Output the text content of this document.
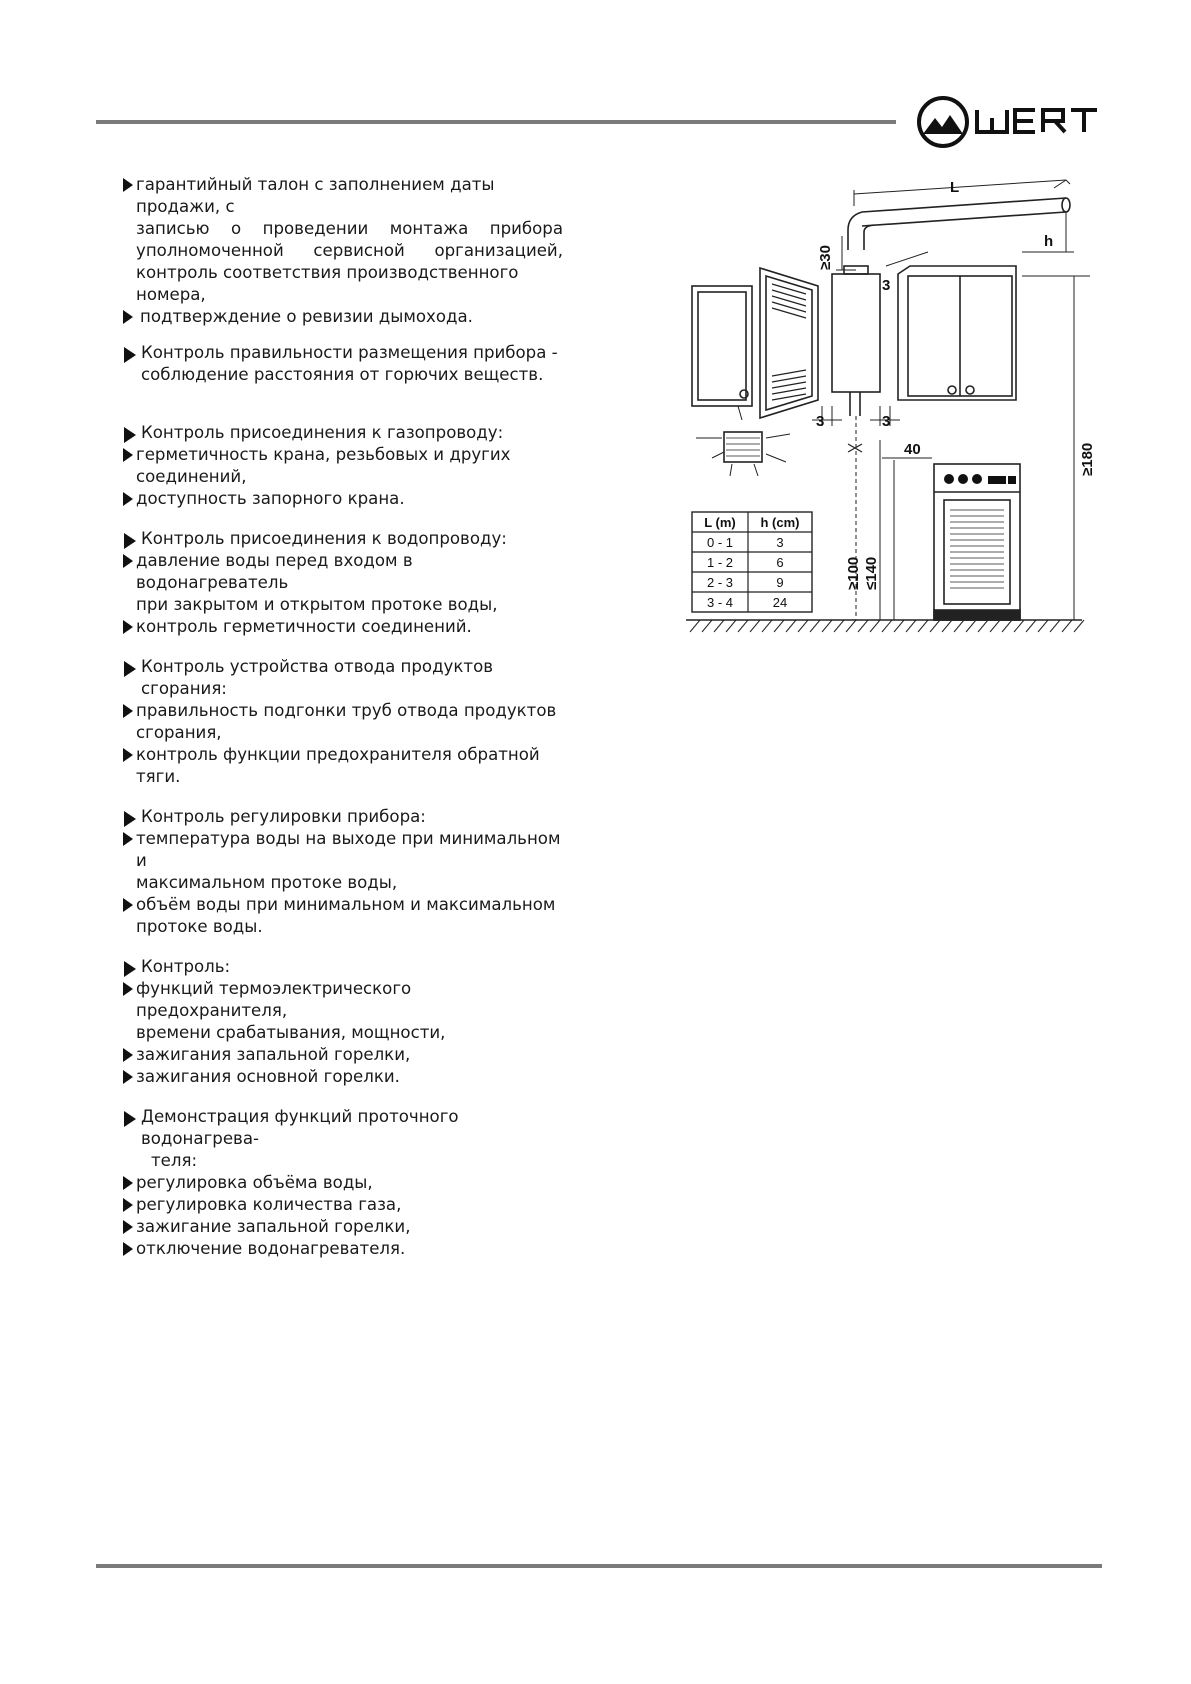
гарантийный талон с заполнением даты продажи, с
записью о проведении монтажа прибора
уполномоченной сервисной организацией,
контроль соответствия производственного номера,
подтверждение о ревизии дымохода.
Контроль правильности размещения прибора -
соблюдение расстояния от горючих веществ.
Контроль присоединения к газопроводу:
герметичность крана, резьбовых и других
соединений,
доступность запорного крана.
Контроль присоединения к водопроводу:
давление воды перед входом в водонагреватель
при закрытом и открытом протоке воды,
контроль герметичности соединений.
Контроль устройства отвода продуктов сгорания:
правильность подгонки труб отвода продуктов
сгорания,
контроль функции предохранителя обратной тяги.
Контроль регулировки прибора:
температура воды на выходе при минимальном и
максимальном протоке воды,
объём воды при минимальном и максимальном
протоке воды.
Контроль:
функций термоэлектрического предохранителя,
времени срабатывания, мощности,
зажигания запальной горелки,
зажигания основной горелки.
Демонстрация функций проточного водонагрева-
теля:
регулировка объёма воды,
регулировка количества газа,
зажигание запальной горелки,
отключение водонагревателя.
L
h
≥30
3
3	3
40	≥180
≥100 ≤140
L (m) h (cm)
0 - 1	3
1 - 2	6
2 - 3	9
3 - 4	24
